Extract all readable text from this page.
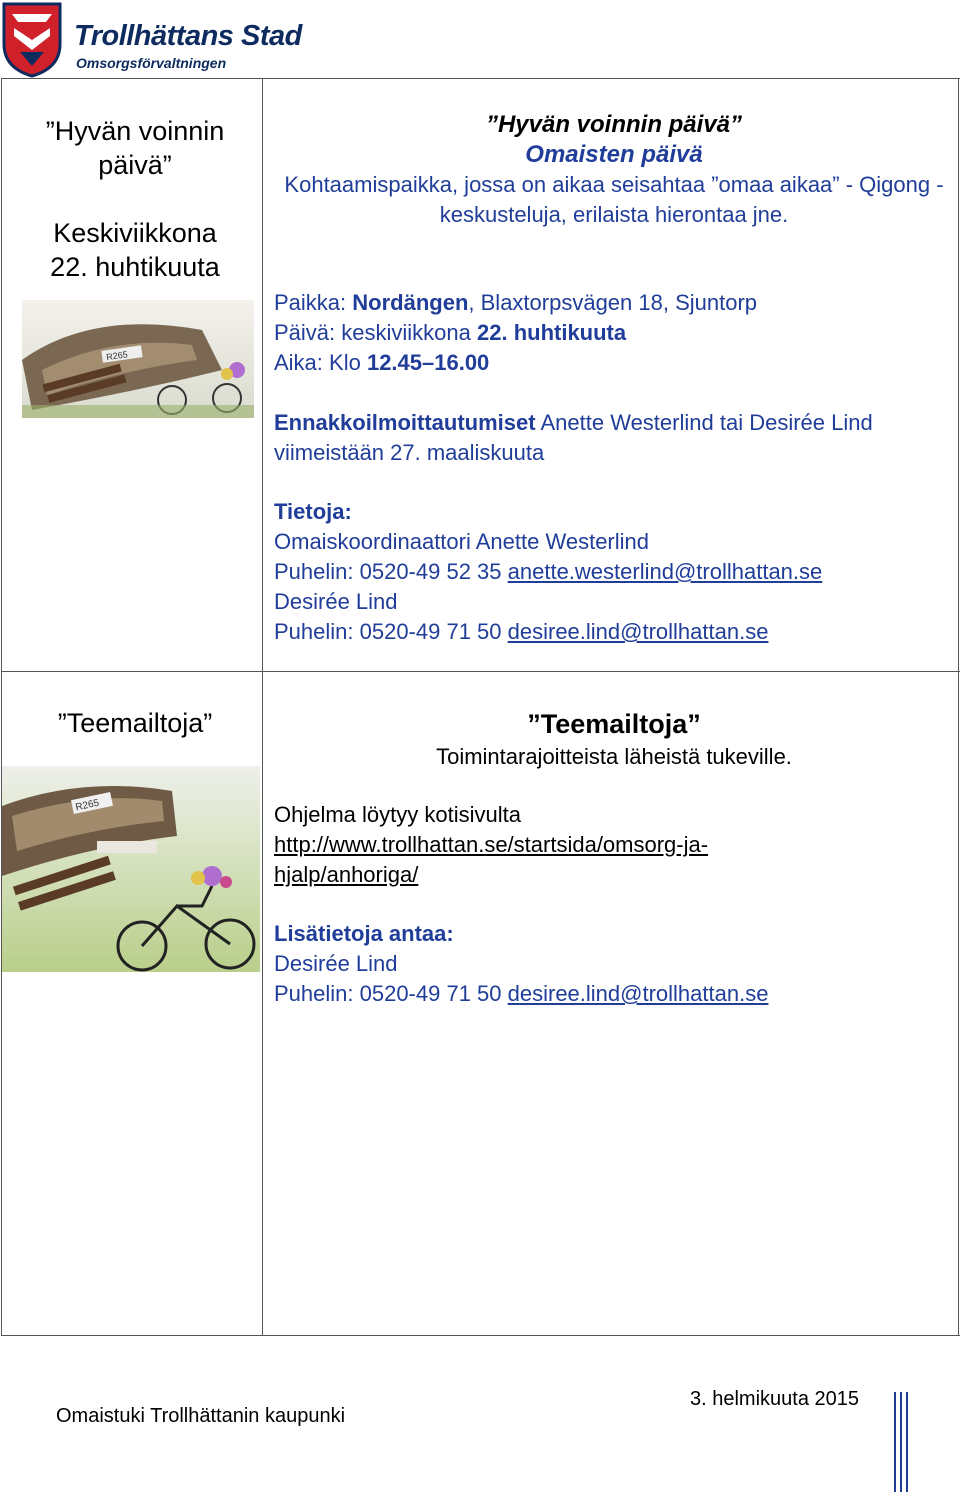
Trollhättans Stad
Omsorgsförvaltningen
”Hyvän voinnin päivä”
Keskiviikkona
22. huhtikuuta
R265
”Hyvän voinnin päivä”
Omaisten päivä
Kohtaamispaikka, jossa on aikaa seisahtaa ”omaa aikaa” - Qigong - keskusteluja, erilaista hierontaa jne.
Paikka: Nordängen, Blaxtorpsvägen 18, Sjuntorp
Päivä: keskiviikkona 22. huhtikuuta
Aika: Klo 12.45–16.00
Ennakkoilmoittautumiset Anette Westerlind tai Desirée Lind viimeistään 27. maaliskuuta
Tietoja:
Omaiskoordinaattori Anette Westerlind
Puhelin: 0520-49 52 35 anette.westerlind@trollhattan.se
Desirée Lind
Puhelin: 0520-49 71 50 desiree.lind@trollhattan.se
”Teemailtoja”
R265
”Teemailtoja”
Toimintarajoitteista läheistä tukeville.
Ohjelma löytyy kotisivulta
http://www.trollhattan.se/startsida/omsorg-ja-
hjalp/anhoriga/
Lisätietoja antaa:
Desirée Lind
Puhelin: 0520-49 71 50 desiree.lind@trollhattan.se
Omaistuki Trollhättanin kaupunki
3. helmikuuta 2015
